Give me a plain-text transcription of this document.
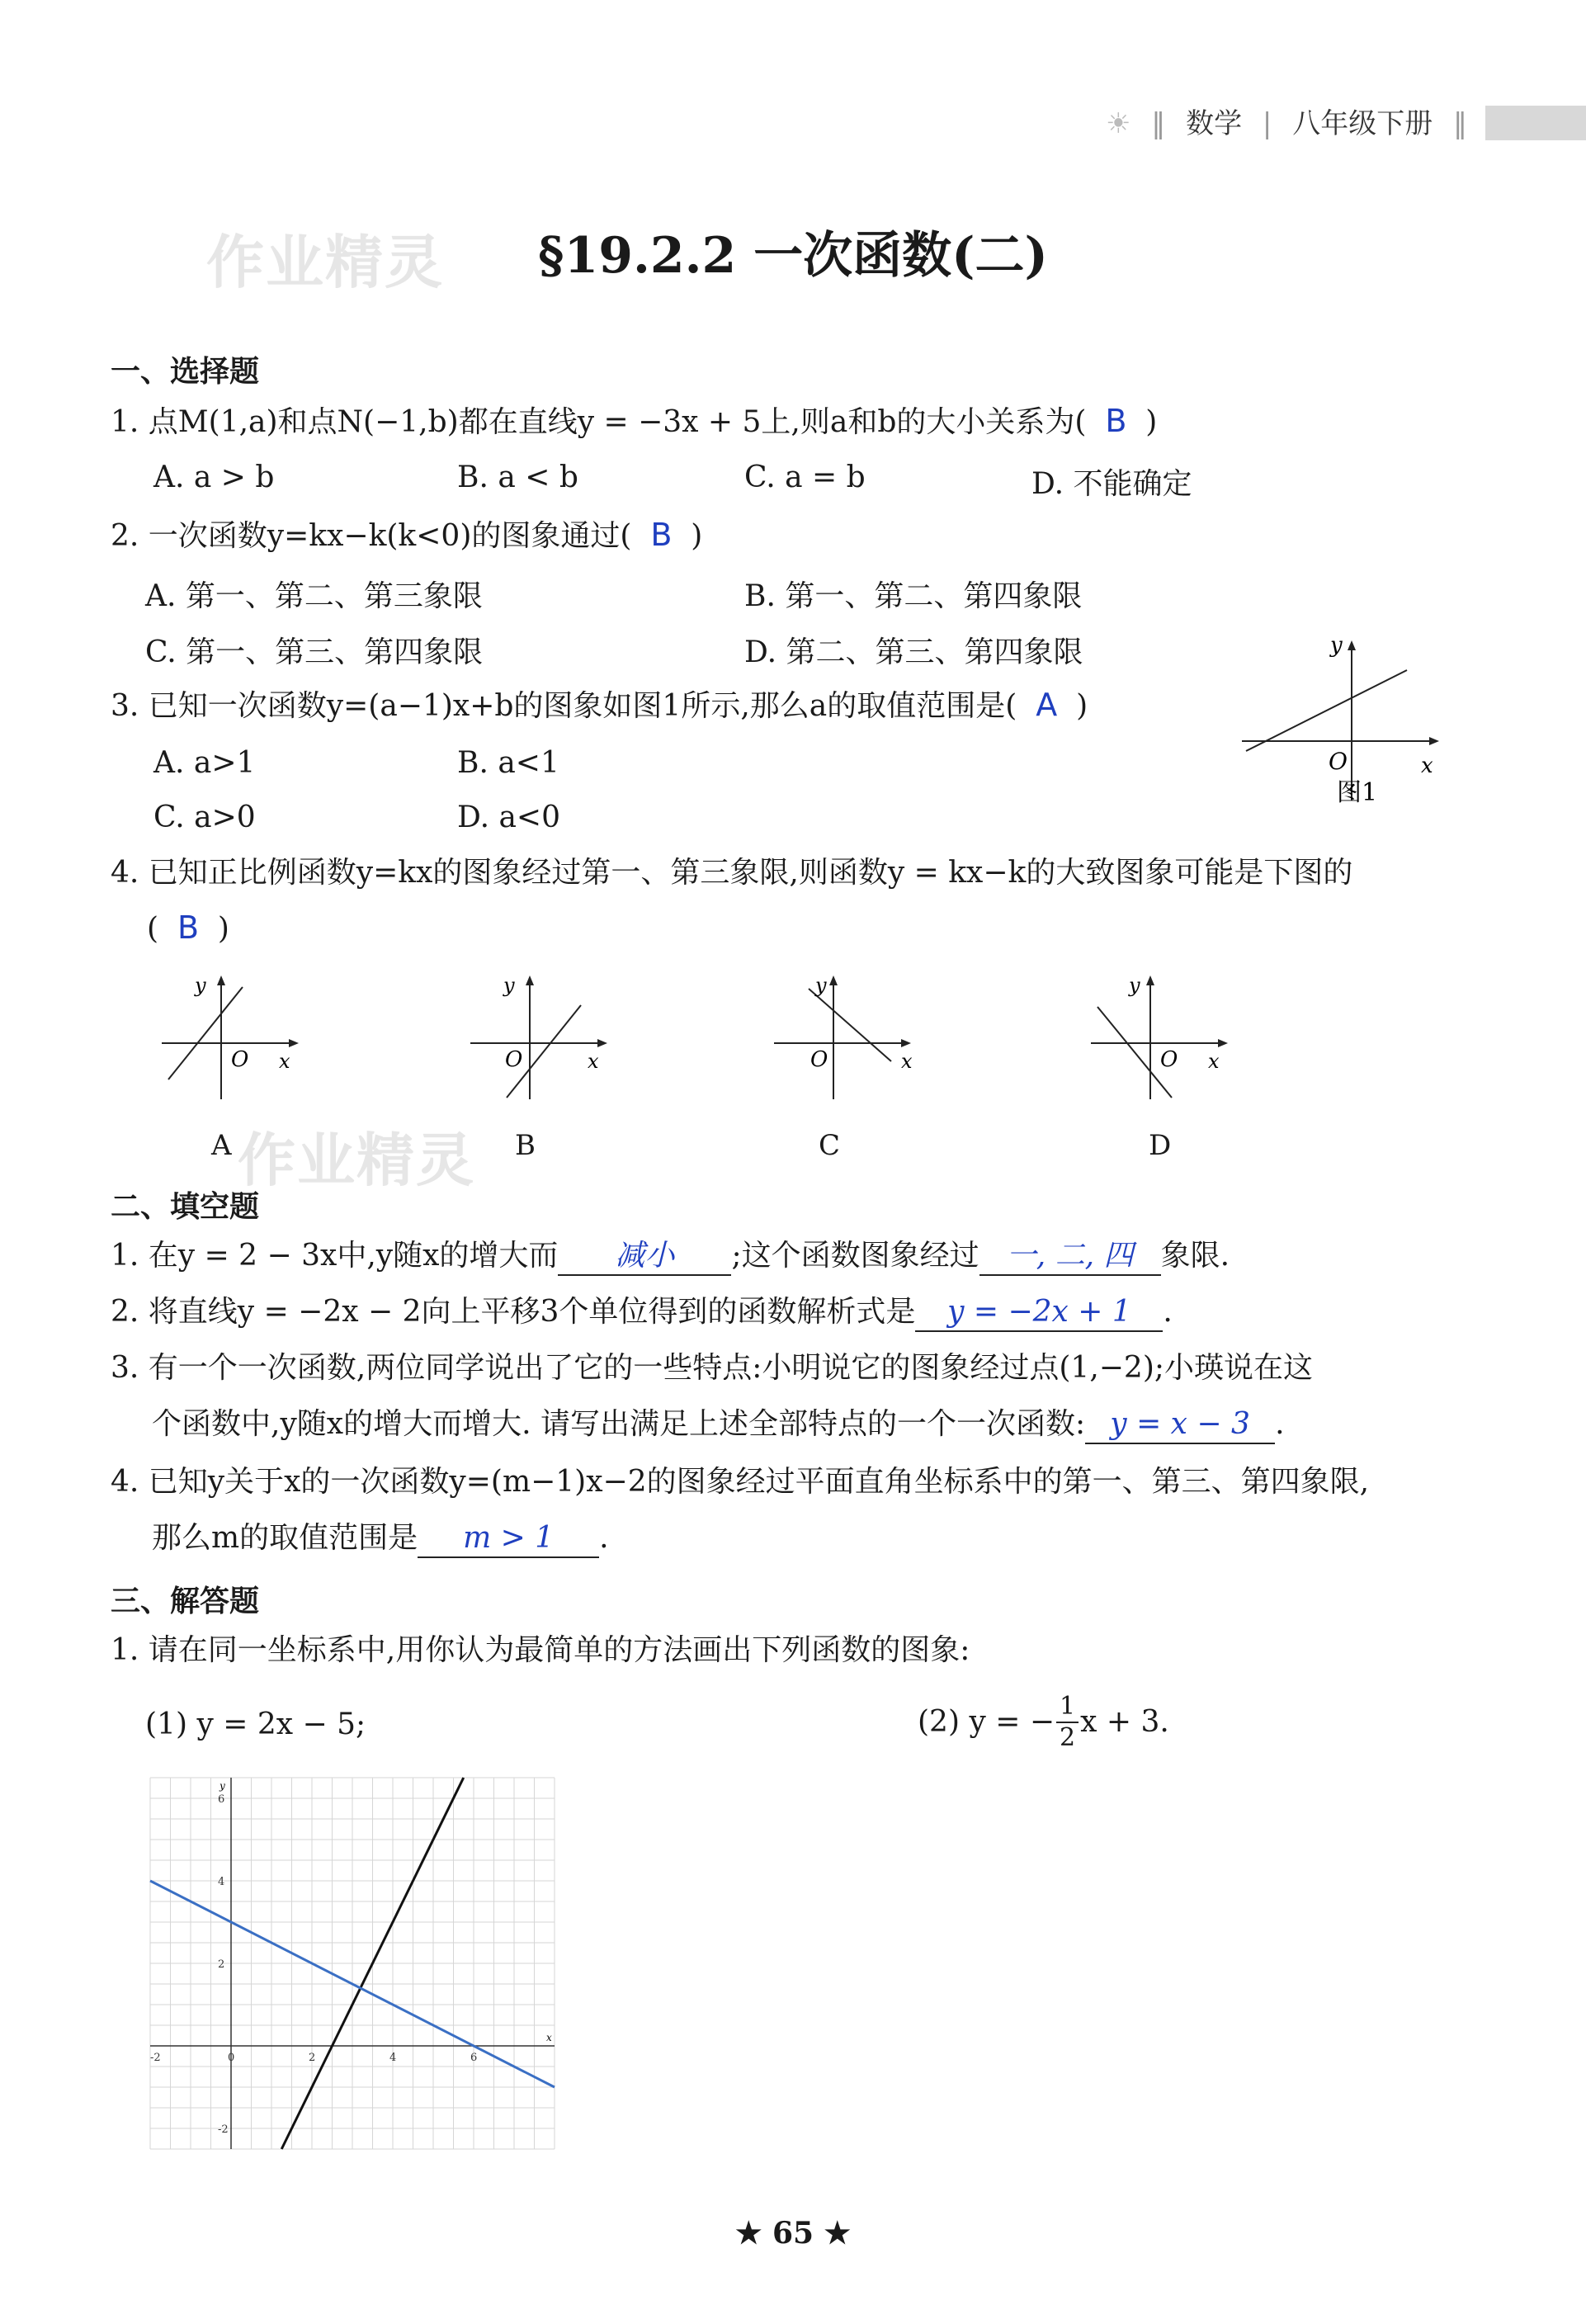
☀ ‖ 数学 | 八年级下册 ‖
作业精灵	§19.2.2 一次函数(二)
一、选择题
1. 点M(1,a)和点N(−1,b)都在直线y = −3x + 5上,则a和b的大小关系为( B )
A. a > b	B. a < b	C. a = b	D. 不能确定
2. 一次函数y=kx−k(k<0)的图象通过( B )
A. 第一、第二、第三象限	B. 第一、第二、第四象限
C. 第一、第三、第四象限	D. 第二、第三、第四象限
3. 已知一次函数y=(a−1)x+b的图象如图1所示,那么a的取值范围是( A )
A. a>1	B. a<1
C. a>0	D. a<0
y
O	x
图1
4. 已知正比例函数y=kx的图象经过第一、第三象限,则函数y = kx−k的大致图象可能是下图的
( B )
y
O x
A
y
O	x
B
y
O	x
C
y
O x
D
作业精灵
二、填空题
1. 在y = 2 − 3x中,y随x的增大而 减小 ;这个函数图象经过 一, 二, 四 象限.
2. 将直线y = −2x − 2向上平移3个单位得到的函数解析式是 y = −2x + 1 .
3. 有一个一次函数,两位同学说出了它的一些特点:小明说它的图象经过点(1,−2);小瑛说在这
个函数中,y随x的增大而增大. 请写出满足上述全部特点的一个一次函数: y = x − 3 .
4. 已知y关于x的一次函数y=(m−1)x−2的图象经过平面直角坐标系中的第一、第三、第四象限,
那么m的取值范围是 m > 1 .
三、解答题
1. 请在同一坐标系中,用你认为最简单的方法画出下列函数的图象:
(1) y = 2x − 5;	(2) y = − $\frac{1}{2}$ x + 3.
x
y
-2	0	2	4	6
-2
2
4
6
★ 65 ★
